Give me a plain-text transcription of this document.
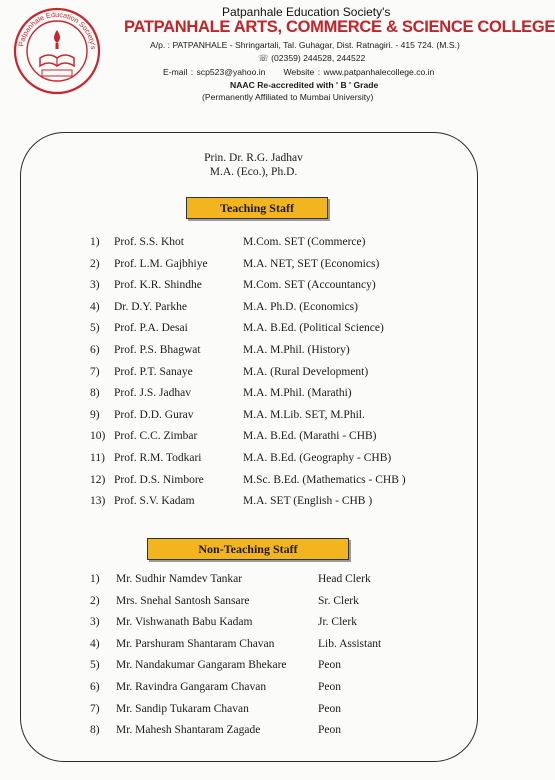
Patpanhale Education Society's
Patpanhale Education Society's
PATPANHALE ARTS, COMMERCE & SCIENCE COLLEGE
A/p. : PATPANHALE - Shringartali, Tal. Guhagar, Dist. Ratnagiri. - 415 724. (M.S.)
☏ (02359) 244528, 244522
E-mail : scp523@yahoo.in Website : www.patpanhalecollege.co.in
NAAC Re-accredited with ' B ' Grade
(Permanently Affiliated to Mumbai University)
Prin. Dr. R.G. Jadhav
M.A. (Eco.), Ph.D.
Teaching Staff
1) Prof. S.S. Khot	M.Com. SET (Commerce)
2) Prof. L.M. Gajbhiye	M.A. NET, SET (Economics)
3) Prof. K.R. Shindhe	M.Com. SET (Accountancy)
4) Dr. D.Y. Parkhe	M.A. Ph.D. (Economics)
5) Prof. P.A. Desai	M.A. B.Ed. (Political Science)
6) Prof. P.S. Bhagwat	M.A. M.Phil. (History)
7) Prof. P.T. Sanaye	M.A. (Rural Development)
8) Prof. J.S. Jadhav	M.A. M.Phil. (Marathi)
9) Prof. D.D. Gurav	M.A. M.Lib. SET, M.Phil.
10) Prof. C.C. Zimbar	M.A. B.Ed. (Marathi - CHB)
11) Prof. R.M. Todkari	M.A. B.Ed. (Geography - CHB)
12) Prof. D.S. Nimbore	M.Sc. B.Ed. (Mathematics - CHB )
13) Prof. S.V. Kadam	M.A. SET (English - CHB )
Non-Teaching Staff
1) Mr. Sudhir Namdev Tankar	Head Clerk
2) Mrs. Snehal Santosh Sansare	Sr. Clerk
3) Mr. Vishwanath Babu Kadam	Jr. Clerk
4) Mr. Parshuram Shantaram Chavan	Lib. Assistant
5) Mr. Nandakumar Gangaram Bhekare	Peon
6) Mr. Ravindra Gangaram Chavan	Peon
7) Mr. Sandip Tukaram Chavan	Peon
8) Mr. Mahesh Shantaram Zagade	Peon
